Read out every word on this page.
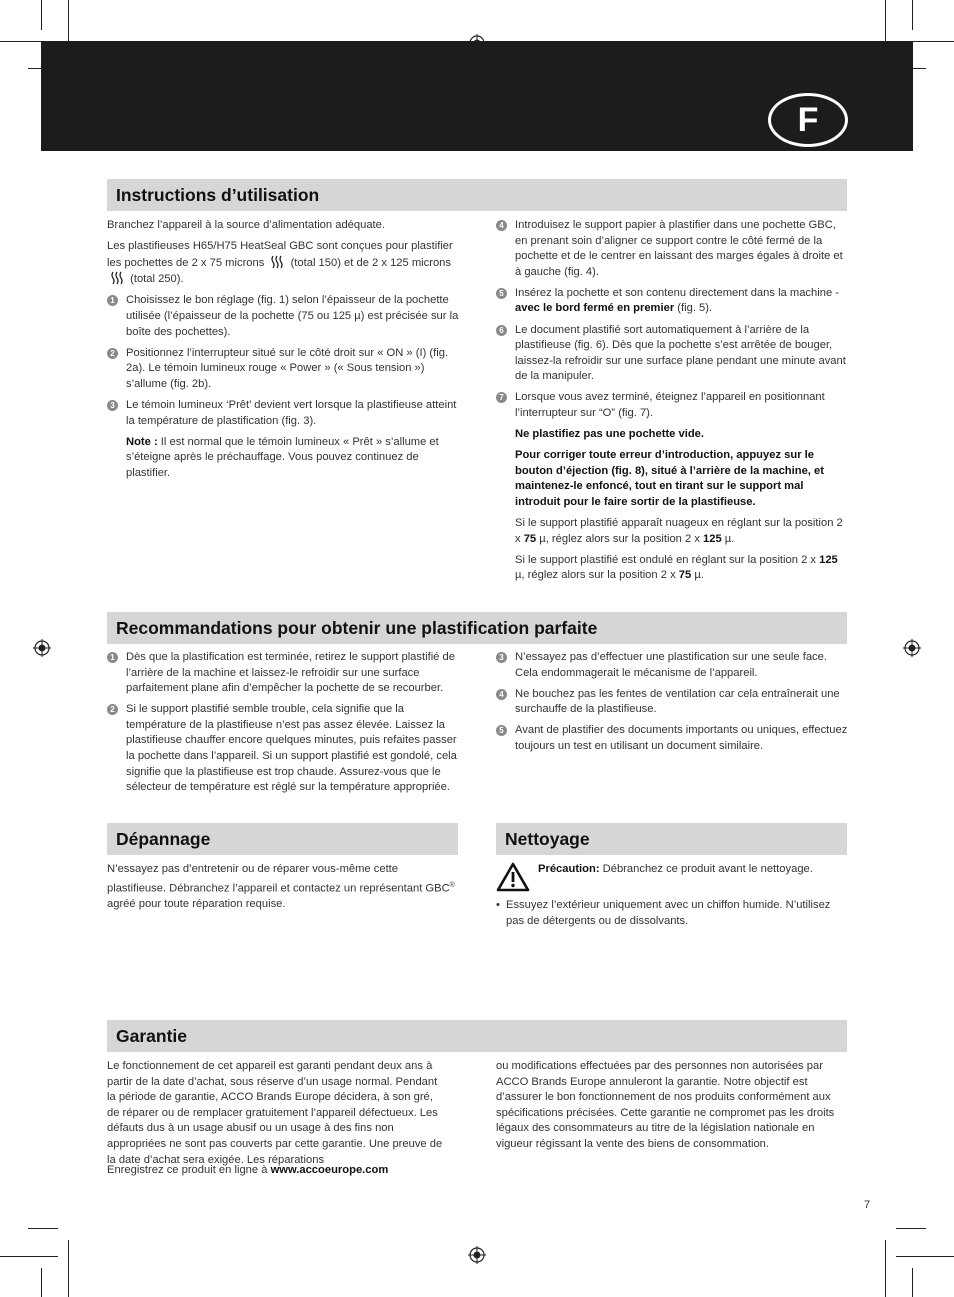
F
Instructions d’utilisation

Branchez l’appareil à la source d’alimentation adéquate.

Les plastifieuses H65/H75 HeatSeal GBC sont conçues pour plastifier les pochettes de 2 x 75 microns (total 150) et de 2 x 125 microns
(total 250).

1 Choisissez le bon réglage (fig. 1) selon l’épaisseur de la pochette utilisée (l’épaisseur de la pochette (75 ou 125 µ) est précisée sur la boîte des pochettes).
2 Positionnez l’interrupteur situé sur le côté droit sur « ON » (I) (fig. 2a). Le témoin lumineux rouge « Power » (« Sous tension ») s’allume (fig. 2b).
3 Le témoin lumineux ‘Prêt’ devient vert lorsque la plastifieuse atteint la température de plastification (fig. 3).

Note : Il est normal que le témoin lumineux « Prêt » s’allume et s’éteigne après le préchauffage. Vous pouvez continuez de plastifier.

4 Introduisez le support papier à plastifier dans une pochette GBC, en prenant soin d’aligner ce support contre le côté fermé de la pochette et de le centrer en laissant des marges égales à droite et à gauche (fig. 4).
5 Insérez la pochette et son contenu directement dans la machine - avec le bord fermé en premier (fig. 5).
6 Le document plastifié sort automatiquement à l’arrière de la plastifieuse (fig. 6). Dès que la pochette s’est arrêtée de bouger, laissez-la refroidir sur une surface plane pendant une minute avant de la manipuler.
7 Lorsque vous avez terminé, éteignez l’appareil en positionnant l’interrupteur sur “O” (fig. 7).

Ne plastifiez pas une pochette vide.

Pour corriger toute erreur d’introduction, appuyez sur le bouton d’éjection (fig. 8), situé à l’arrière de la machine, et maintenez-le enfoncé, tout en tirant sur le support mal introduit pour le faire sortir de la plastifieuse.

Si le support plastifié apparaît nuageux en réglant sur la position 2 x 75 µ, réglez alors sur la position 2 x 125 µ.

Si le support plastifié est ondulé en réglant sur la position 2 x 125 µ, réglez alors sur la position 2 x 75 µ.

Recommandations pour obtenir une plastification parfaite
1 Dès que la plastification est terminée, retirez le support plastifié de l’arrière de la machine et laissez-le refroidir sur une surface parfaitement plane afin d’empêcher la pochette de se recourber.
2 Si le support plastifié semble trouble, cela signifie que la température de la plastifieuse n’est pas assez élevée. Laissez la plastifieuse chauffer encore quelques minutes, puis refaites passer la pochette dans l’appareil. Si un support plastifié est gondolé, cela signifie que la plastifieuse est trop chaude. Assurez-vous que le sélecteur de température est réglé sur la température appropriée.
3 N’essayez pas d’effectuer une plastification sur une seule face. Cela endommagerait le mécanisme de l’appareil.
4 Ne bouchez pas les fentes de ventilation car cela entraînerait une surchauffe de la plastifieuse.
5 Avant de plastifier des documents importants ou uniques, effectuez toujours un test en utilisant un document similaire.
Dépannage

N’essayez pas d’entretenir ou de réparer vous-même cette plastifieuse. Débranchez l’appareil et contactez un représentant GBC® agréé pour toute réparation requise.

Nettoyage
Précaution: Débranchez ce produit avant le nettoyage.

• Essuyez l’extérieur uniquement avec un chiffon humide. N’utilisez pas de détergents ou de dissolvants.

Garantie

Le fonctionnement de cet appareil est garanti pendant deux ans à partir de la date d’achat, sous réserve d’un usage normal. Pendant la période de garantie, ACCO Brands Europe décidera, à son gré, de réparer ou de remplacer gratuitement l’appareil défectueux. Les défauts dus à un usage abusif ou un usage à des fins non appropriées ne sont pas couverts par cette garantie. Une preuve de la date d’achat sera exigée. Les réparations

ou modifications effectuées par des personnes non autorisées par ACCO Brands Europe annuleront la garantie. Notre objectif est d’assurer le bon fonctionnement de nos produits conformément aux spécifications précisées. Cette garantie ne compromet pas les droits légaux des consommateurs au titre de la législation nationale en vigueur régissant la vente des biens de consommation.

Enregistrez ce produit en ligne à www.accoeurope.com
7
